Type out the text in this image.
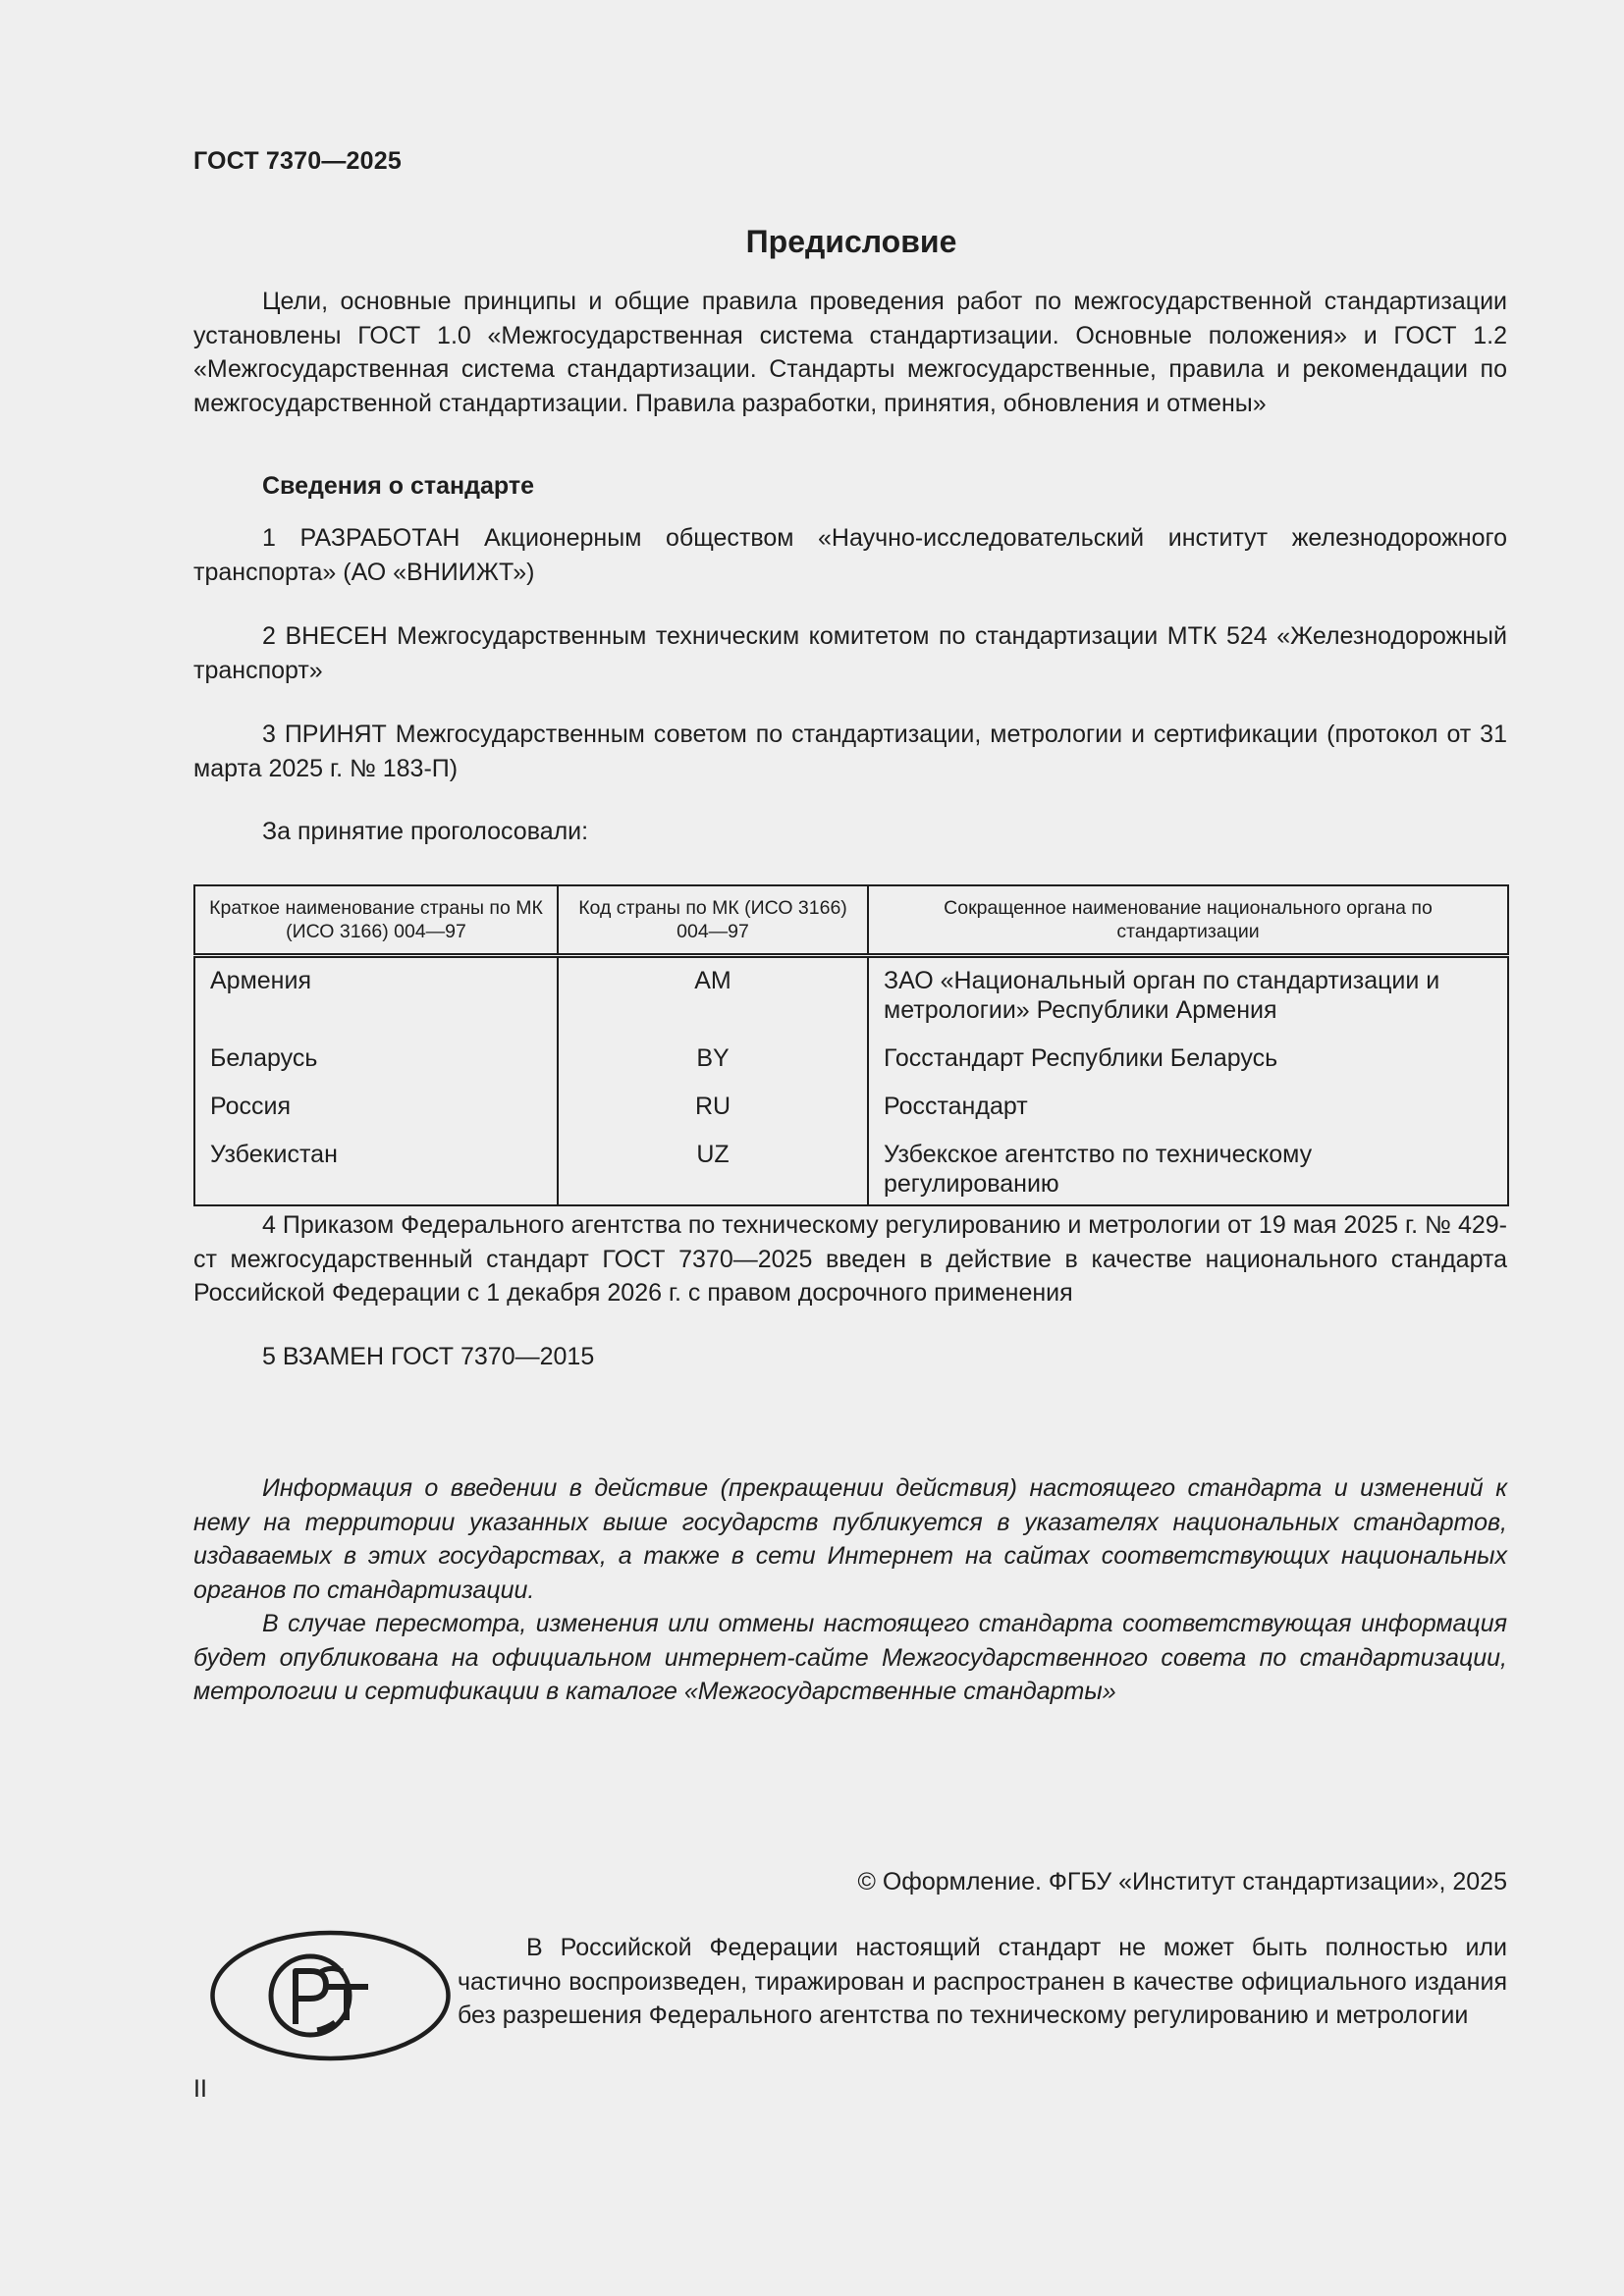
ГОСТ 7370—2025
Предисловие

Цели, основные принципы и общие правила проведения работ по межгосударственной стандартизации установлены ГОСТ 1.0 «Межгосударственная система стандартизации. Основные положения» и ГОСТ 1.2 «Межгосударственная система стандартизации. Стандарты межгосударственные, правила и рекомендации по межгосударственной стандартизации. Правила разработки, принятия, обновления и отмены»

Сведения о стандарте

1 РАЗРАБОТАН Акционерным обществом «Научно-исследовательский институт железнодорожного транспорта» (АО «ВНИИЖТ»)

2 ВНЕСЕН Межгосударственным техническим комитетом по стандартизации МТК 524 «Железнодорожный транспорт»

3 ПРИНЯТ Межгосударственным советом по стандартизации, метрологии и сертификации (протокол от 31 марта 2025 г. № 183-П)

За принятие проголосовали:

Краткое наименование страны по МК (ИСО 3166) 004—97	Код страны по МК (ИСО 3166) 004—97	Сокращенное наименование национального органа по стандартизации
Армения	AM	ЗАО «Национальный орган по стандартизации и метрологии» Республики Армения
Беларусь	BY	Госстандарт Республики Беларусь
Россия	RU	Росстандарт
Узбекистан	UZ	Узбекское агентство по техническому регулированию

4 Приказом Федерального агентства по техническому регулированию и метрологии от 19 мая 2025 г. № 429-ст межгосударственный стандарт ГОСТ 7370—2025 введен в действие в качестве национального стандарта Российской Федерации с 1 декабря 2026 г. с правом досрочного применения

5 ВЗАМЕН ГОСТ 7370—2015

Информация о введении в действие (прекращении действия) настоящего стандарта и изменений к нему на территории указанных выше государств публикуется в указателях национальных стандартов, издаваемых в этих государствах, а также в сети Интернет на сайтах соответствующих национальных органов по стандартизации.

В случае пересмотра, изменения или отмены настоящего стандарта соответствующая информация будет опубликована на официальном интернет-сайте Межгосударственного совета по стандартизации, метрологии и сертификации в каталоге «Межгосударственные стандарты»

© Оформление. ФГБУ «Институт стандартизации», 2025

В Российской Федерации настоящий стандарт не может быть полностью или частично воспроизведен, тиражирован и распространен в качестве официального издания без разрешения Федерального агентства по техническому регулированию и метрологии

II
